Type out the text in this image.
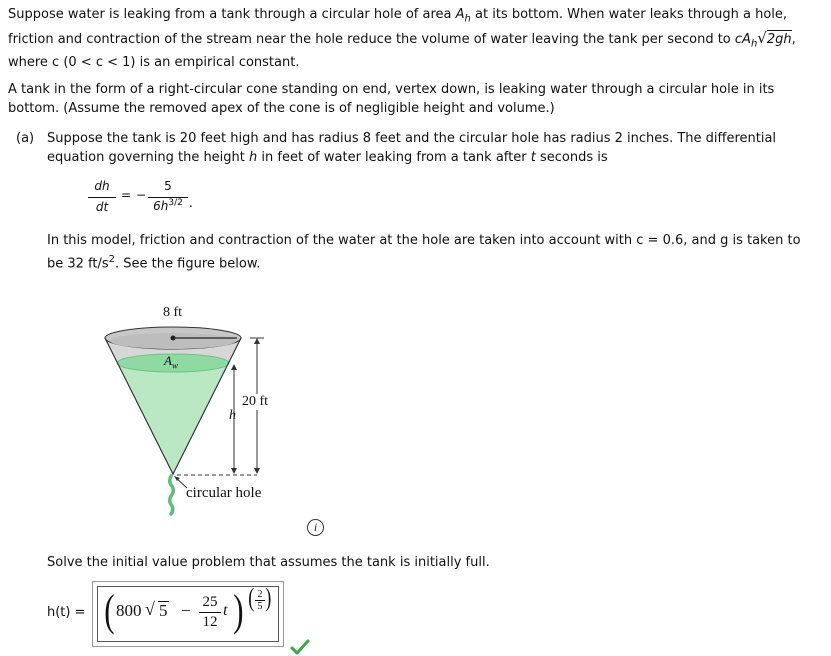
Suppose water is leaking from a tank through a circular hole of area $A_h$ at its bottom. When water leaks through a hole,
friction and contraction of the stream near the hole reduce the volume of water leaving the tank per second to $cA_h√2gh$,
where c (0 < c < 1) is an empirical constant.
A tank in the form of a right-circular cone standing on end, vertex down, is leaking water through a circular hole in its
bottom. (Assume the removed apex of the cone is of negligible height and volume.)
(a) Suppose the tank is 20 feet high and has radius 8 feet and the circular hole has radius 2 inches. The differential
equation governing the height h in feet of water leaking from a tank after t seconds is
dh
dt
= −
5
$6h^{3/2}$ .
In this model, friction and contraction of the water at the hole are taken into account with c = 0.6, and g is taken to
be 32 $ft/s^2$. See the figure below.
8 ft
$A_w$
20 ft
h
circular hole
i
Solve the initial value problem that assumes the tank is initially full.
h(t) = ( 800 √ 5 − 25
12
t ) ( 2
5 )
